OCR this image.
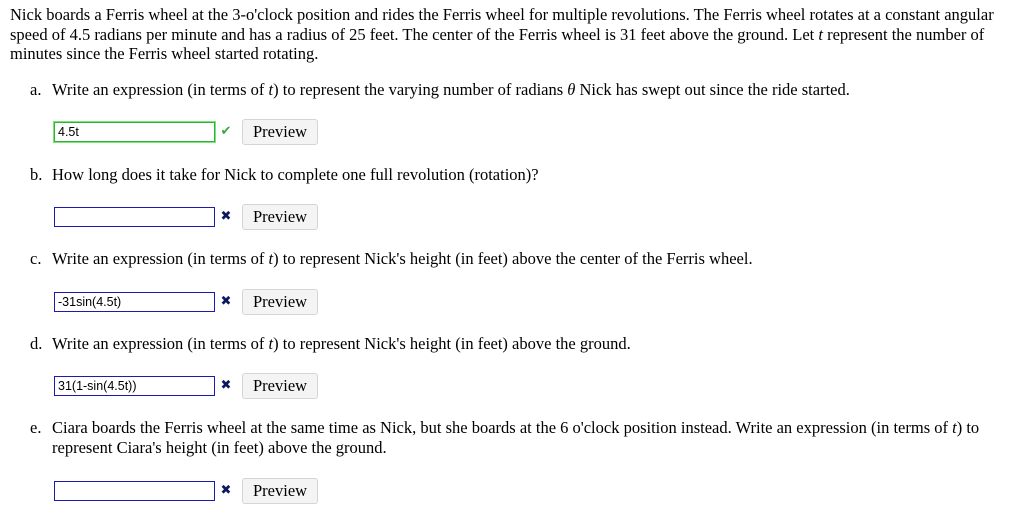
Nick boards a Ferris wheel at the 3-o'clock position and rides the Ferris wheel for multiple revolutions. The Ferris wheel rotates at a constant angular speed of 4.5 radians per minute and has a radius of 25 feet. The center of the Ferris wheel is 31 feet above the ground. Let t represent the number of minutes since the Ferris wheel started rotating.

a. Write an expression (in terms of t) to represent the varying number of radians θ Nick has swept out since the ride started.
4.5t
✔	Preview
b. How long does it take for Nick to complete one full revolution (rotation)?
✖	Preview
c. Write an expression (in terms of t) to represent Nick's height (in feet) above the center of the Ferris wheel.
-31sin(4.5t)
✖	Preview
d. Write an expression (in terms of t) to represent Nick's height (in feet) above the ground.
31(1-sin(4.5t))
✖	Preview
e. Ciara boards the Ferris wheel at the same time as Nick, but she boards at the 6 o'clock position instead. Write an expression (in terms of t) to represent Ciara's height (in feet) above the ground.
✖	Preview
